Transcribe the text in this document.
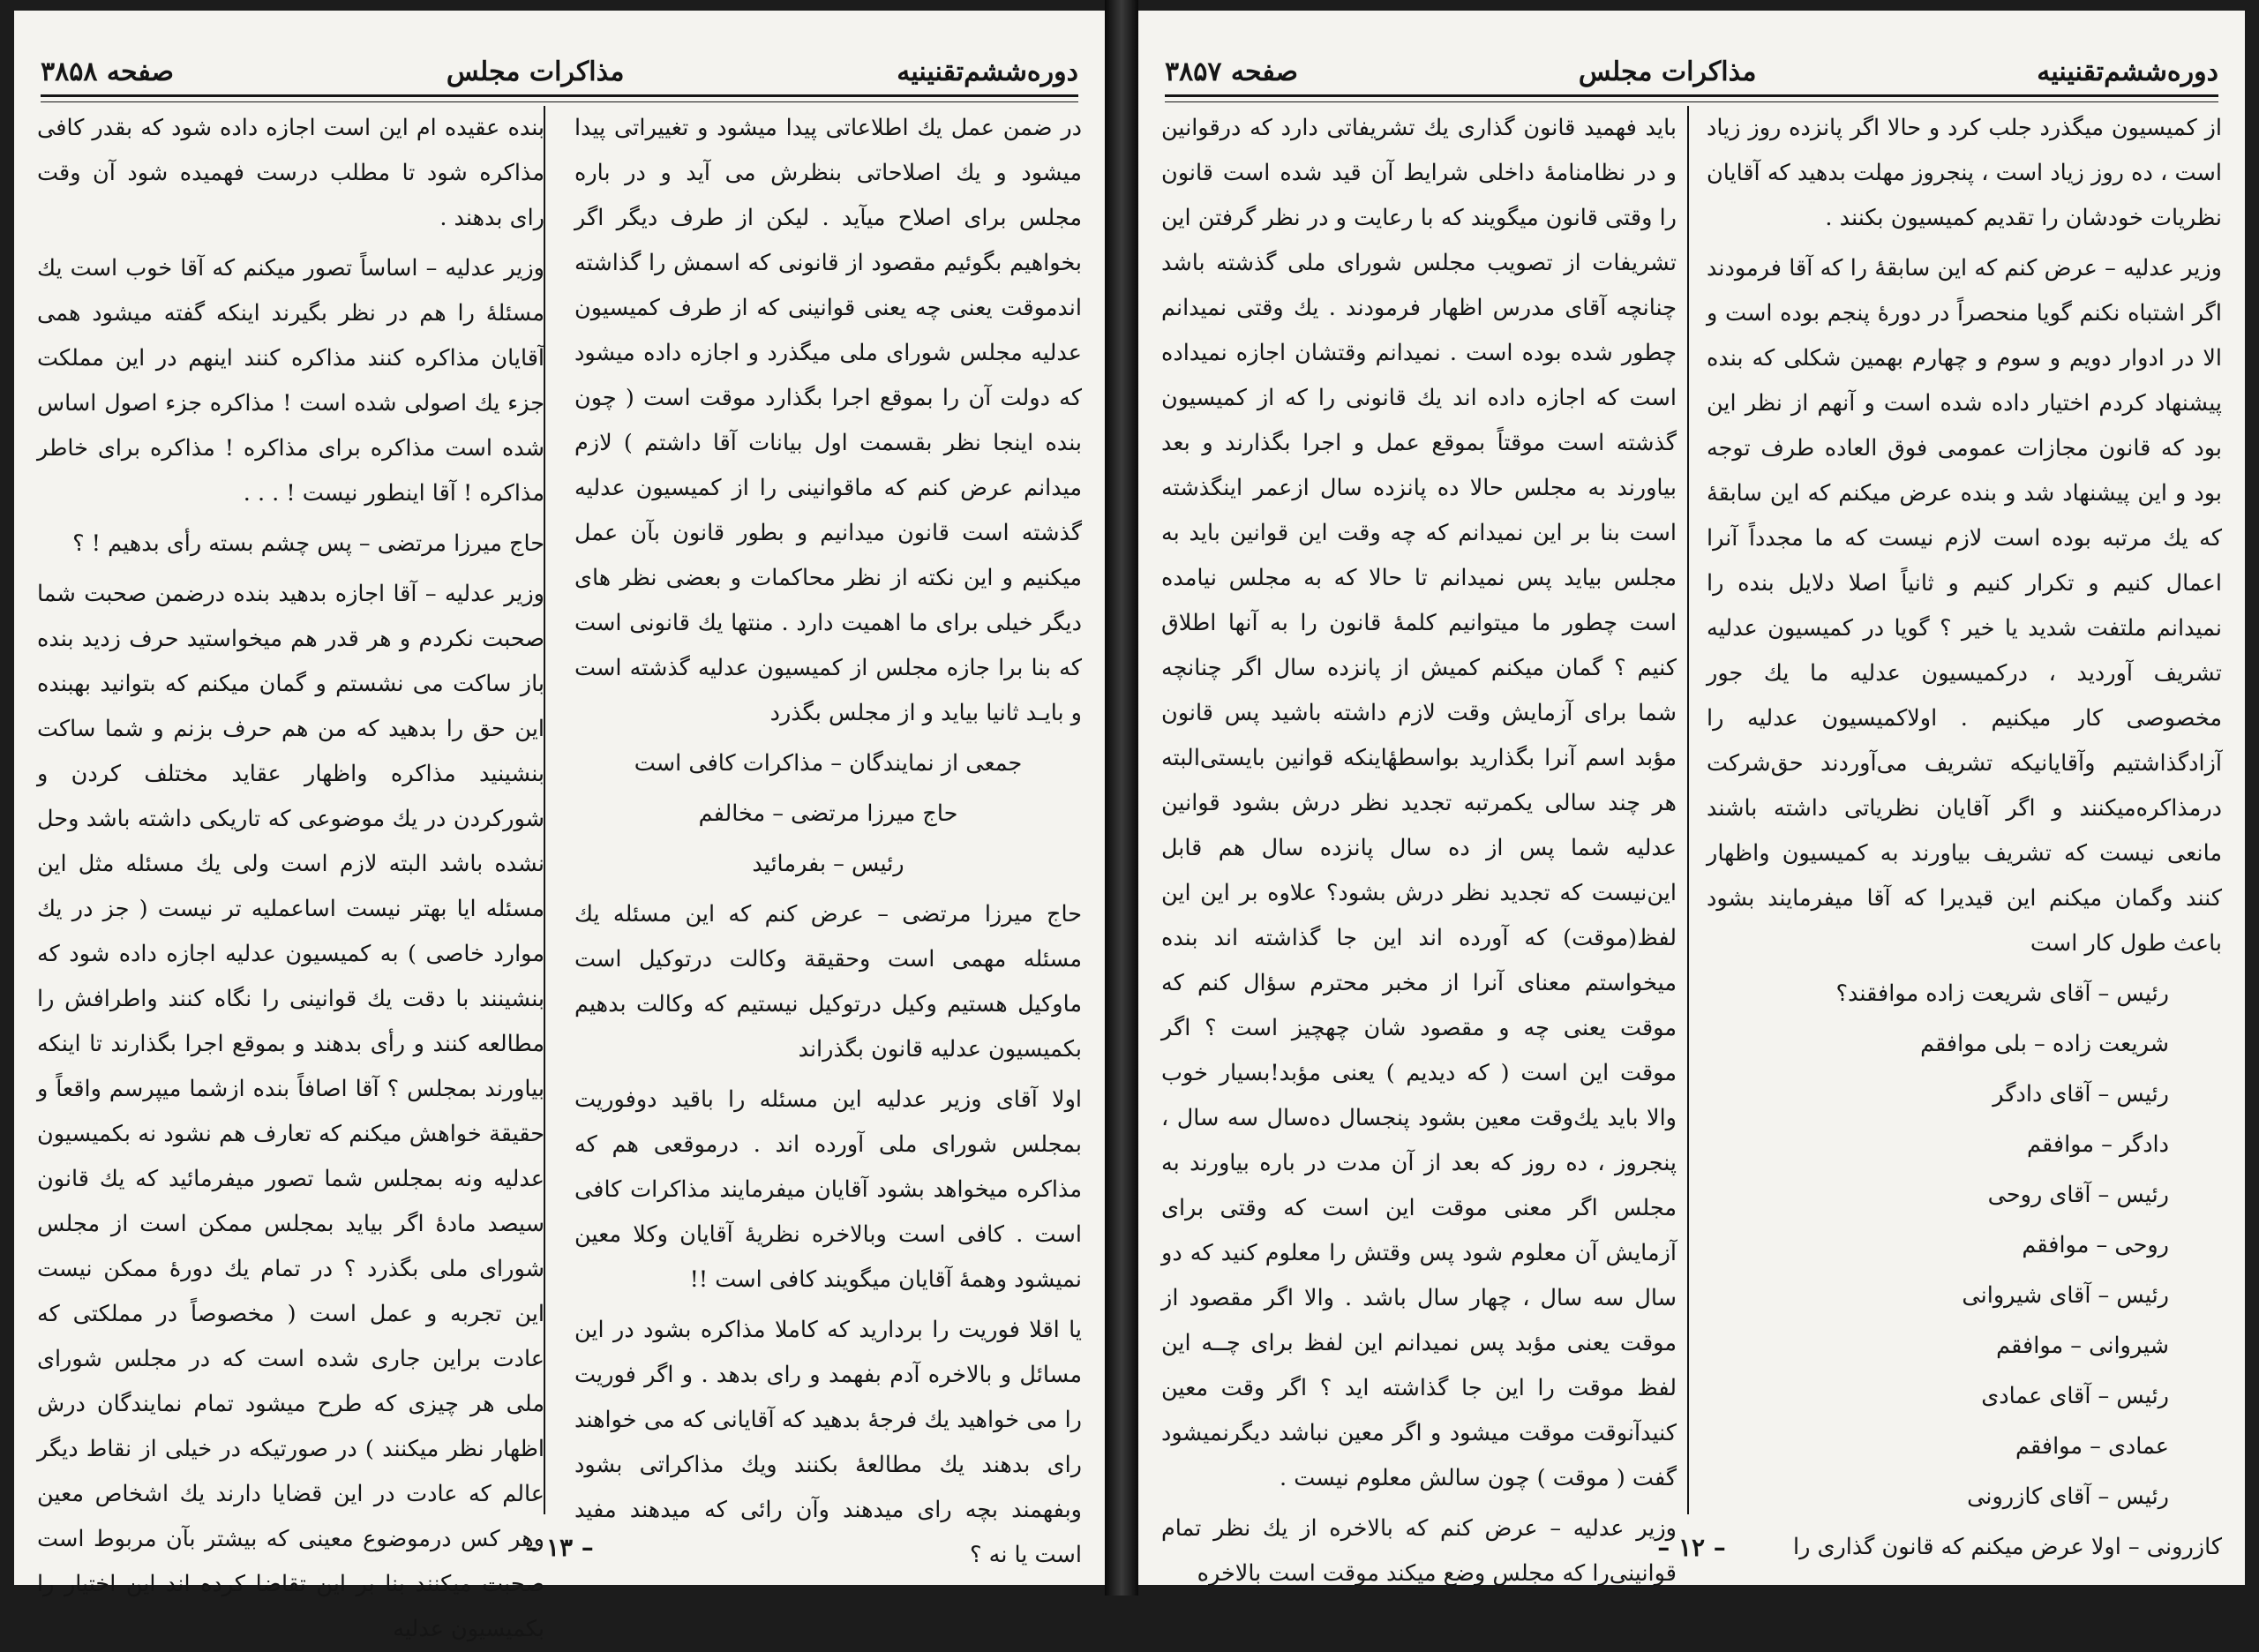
دوره‌ششم‌تقنینیه
مذاکرات مجلس
صفحه ۳۸۵۸

در ضمن عمل یك اطلاعاتی پیدا میشود و تغییراتی پیدا میشود و یك اصلاحاتی بنظرش می آید و در باره مجلس برای اصلاح میآید . لیکن از طرف دیگر اگر بخواهیم بگوئیم مقصود از قانونی که اسمش را گذاشته اندموقت یعنی چه یعنی قوانینی که از طرف کمیسیون عدلیه مجلس شورای ملی میگذرد و اجازه داده میشود که دولت آن را بموقع اجرا بگذارد موقت است ( چون بنده اینجا نظر بقسمت اول بیانات آقا داشتم ) لازم میدانم عرض کنم که ماقوانینی را از کمیسیون عدلیه گذشته است قانون میدانیم و بطور قانون بآن عمل میکنیم و این نکته از نظر محاکمات و بعضی نظر های دیگر خیلی برای ما اهمیت دارد . منتها یك قانونی است که بنا برا جازه مجلس از کمیسیون عدلیه گذشته است و بایـد ثانیا بیاید و از مجلس بگذرد

جمعی از نمایندگان – مذاکرات کافی است

حاج میرزا مرتضی – مخالفم

رئیس – بفرمائید

حاج میرزا مرتضی – عرض کنم که این مسئله یك مسئله مهمی است وحقیقة وکالت درتوکیل است ماوکیل هستیم وکیل درتوکیل نیستیم که وکالت بدهیم بکمیسیون عدلیه قانون بگذراند

اولا آقای وزیر عدلیه این مسئله را باقید دوفوریت بمجلس شورای ملی آورده اند . درموقعی هم که مذاکره میخواهد بشود آقایان میفرمایند مذاکرات کافی است . کافی است وبالاخره نظریهٔ آقایان وکلا معین نمیشود وهمهٔ آقایان میگویند کافی است !!

یا اقلا فوریت را بردارید که کاملا مذاکره بشود در این مسائل و بالاخره آدم بفهمد و رای بدهد . و اگر فوریت را می خواهید یك فرجهٔ بدهید که آقایانی که می خواهند رای بدهند یك مطالعهٔ بکنند ویك مذاکراتی بشود وبفهمند بچه رای میدهند وآن رائی که میدهند مفید است یا نه ؟

بنده عقیده ام این است اجازه داده شود که بقدر کافی مذاکره شود تا مطلب درست فهمیده شود آن وقت رای بدهند .

وزیر عدلیه – اساساً تصور میکنم که آقا خوب است یك مسئلهٔ را هم در نظر بگیرند اینکه گفته میشود همی آقایان مذاکره کنند مذاکره کنند اینهم در این مملکت جزء یك اصولی شده است ! مذاکره جزء اصول اساس شده است مذاکره برای مذاکره ! مذاکره برای خاطر مذاکره ! آقا اینطور نیست ! . . .

حاج میرزا مرتضی – پس چشم بسته رأی بدهیم ! ؟

وزیر عدلیه – آقا اجازه بدهید بنده درضمن صحبت شما صحبت نکردم و هر قدر هم میخواستید حرف زدید بنده باز ساکت می نشستم و گمان میکنم که بتوانید بهبنده این حق را بدهید که من هم حرف بزنم و شما ساکت بنشینید مذاکره واظهار عقاید مختلف کردن و شورکردن در یك موضوعی که تاریکی داشته باشد وحل نشده باشد البته لازم است ولی یك مسئله مثل این مسئله ایا بهتر نیست اساعملیه تر نیست ( جز در یك موارد خاصی ) به کمیسیون عدلیه اجازه داده شود که بنشینند با دقت یك قوانینی را نگاه کنند واطرافش را مطالعه کنند و رأی بدهند و بموقع اجرا بگذارند تا اینکه بیاورند بمجلس ؟ آقا اصافاً بنده ازشما میپرسم واقعاً و حقیقة خواهش میکنم که تعارف هم نشود نه بکمیسیون عدلیه ونه بمجلس شما تصور میفرمائید که یك قانون سیصد مادهٔ اگر بیاید بمجلس ممکن است از مجلس شورای ملی بگذرد ؟ در تمام یك دورهٔ ممکن نیست این تجربه و عمل است ( مخصوصاً در مملکتی که عادت براین جاری شده است که در مجلس شورای ملی هر چیزی که طرح میشود تمام نمایندگان درش اظهار نظر میکنند ) در صورتیکه در خیلی از نقاط دیگر عالم که عادت در این قضایا دارند یك اشخاص معین وهر کس درموضوع معینی که بیشتر بآن مربوط است صحبت میکنند بنا بر این تقاضا کرده اند این اختیار را بکمیسیون عدلیه

– ۱۳ –
دوره‌ششم‌تقنینیه
مذاکرات مجلس
صفحه ۳۸۵۷

از کمیسیون میگذرد جلب کرد و حالا اگر پانزده روز زیاد است ، ده روز زیاد است ، پنجروز مهلت بدهید که آقایان نظریات خودشان را تقدیم کمیسیون بکنند .

وزیر عدلیه – عرض کنم که این سابقهٔ را که آقا فرمودند اگر اشتباه نکنم گویا منحصراً در دورهٔ پنجم بوده است و الا در ادوار دویم و سوم و چهارم بهمین شکلی که بنده پیشنهاد کردم اختیار داده شده است و آنهم از نظر این بود که قانون مجازات عمومی فوق العاده طرف توجه بود و این پیشنهاد شد و بنده عرض میکنم که این سابقهٔ که یك مرتبه بوده است لازم نیست که ما مجدداً آنرا اعمال کنیم و تکرار کنیم و ثانیاً اصلا دلایل بنده را نمیدانم ملتفت شدید یا خیر ؟ گویا در کمیسیون عدلیه تشریف آوردید ، درکمیسیون عدلیه ما یك جور مخصوصی کار میکنیم . اولاکمیسیون عدلیه را آزادگذاشتیم وآقایانیکه تشریف می‌آوردند حق‌شرکت درمذاکره‌میکنند و اگر آقایان نظریاتی داشته باشند مانعی نیست که تشریف بیاورند به کمیسیون واظهار کنند وگمان میکنم این قیدیرا که آقا میفرمایند بشود باعث طول کار است

رئیس – آقای شریعت زاده موافقند؟

شریعت زاده – بلی موافقم

رئیس – آقای دادگر

دادگر – موافقم

رئیس – آقای روحی

روحی – موافقم

رئیس – آقای شیروانی

شیروانی – موافقم

رئیس – آقای عمادی

عمادی – موافقم

رئیس – آقای کازرونی

کازرونی – اولا عرض میکنم که قانون گذاری را

باید فهمید قانون گذاری یك تشریفاتی دارد که درقوانین و در نظامنامهٔ داخلی شرایط آن قید شده است قانون را وقتی قانون میگویند که با رعایت و در نظر گرفتن این تشریفات از تصویب مجلس شورای ملی گذشته باشد چنانچه آقای مدرس اظهار فرمودند . یك وقتی نمیدانم چطور شده بوده است . نمیدانم وقتشان اجازه نمیداده است که اجازه داده اند یك قانونی را که از کمیسیون گذشته است موقتاً بموقع عمل و اجرا بگذارند و بعد بیاورند به مجلس حالا ده پانزده سال ازعمر اینگذشته است بنا بر این نمیدانم که چه وقت این قوانین باید به مجلس بیاید پس نمیدانم تا حالا که به مجلس نیامده است چطور ما میتوانیم کلمهٔ قانون را به آنها اطلاق کنیم ؟ گمان میکنم کمیش از پانزده سال اگر چنانچه شما برای آزمایش وقت لازم داشته باشید پس قانون مؤبد اسم آنرا بگذارید بواسطهٔاینکه قوانین بایستی‌البته هر چند سالی یکمرتبه تجدید نظر درش بشود قوانین عدلیه شما پس از ده سال پانزده سال هم قابل این‌نیست که تجدید نظر درش بشود؟ علاوه بر این این لفظ(موقت) که آورده اند این جا گذاشته اند بنده میخواستم معنای آنرا از مخبر محترم سؤال کنم که موقت یعنی چه و مقصود شان چهچیز است ؟ اگر موقت این است ( که دیدیم ) یعنی مؤبد!بسیار خوب والا باید یك‌وقت معین بشود پنجسال ده‌سال سه سال ، پنجروز ، ده روز که بعد از آن مدت در باره بیاورند به مجلس اگر معنی موقت این است که وقتی برای آزمایش آن معلوم شود پس وقتش را معلوم کنید که دو سال سه سال ، چهار سال باشد . والا اگر مقصود از موقت یعنی مؤبد پس نمیدانم این لفظ برای چــه این لفظ موقت را این جا گذاشته اید ؟ اگر وقت معین کنیدآنوقت موقت میشود و اگر معین نباشد دیگرنمیشود گفت ( موقت ) چون سالش معلوم نیست .

وزیر عدلیه – عرض کنم که بالاخره از یك نظر تمام قوانینی‌را که مجلس وضع میکند موقت است بالاخره

– ۱۲ –
